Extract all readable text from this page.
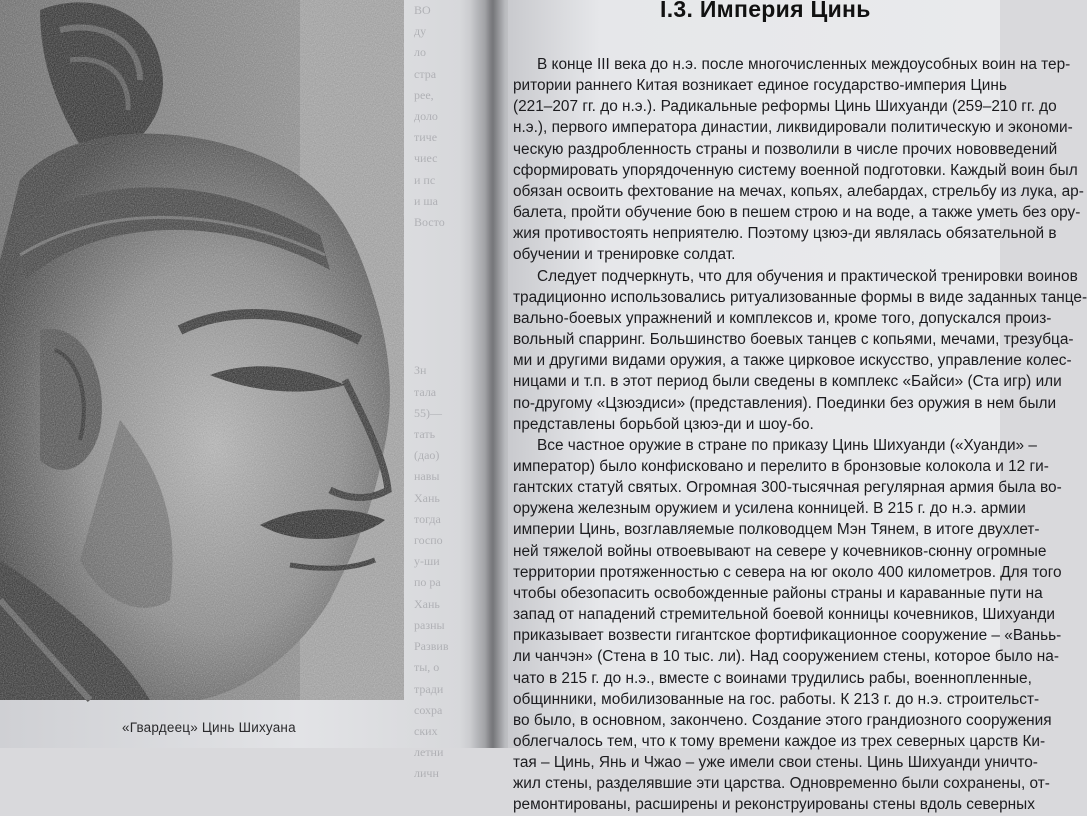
«Гвардеец» Цинь Шихуана
ВО
ду
ло
стра
рее,
доло
тиче
чиес
и пс
и ша
Восто

Зн
тала
55)—
тать
(дао)
навы
Хань
тогда
госпо
у-ши
по ра
Хань
разны
Развив
ты, о
тради
сохра
ских
летни
личн
I.3. Империя Цинь
В конце III века до н.э. после многочисленных междоусобных воин на тер-
ритории раннего Китая возникает единое государство-империя Цинь
(221–207 гг. до н.э.). Радикальные реформы Цинь Шихуанди (259–210 гг. до
н.э.), первого императора династии, ликвидировали политическую и экономи-
ческую раздробленность страны и позволили в числе прочих нововведений
сформировать упорядоченную систему военной подготовки. Каждый воин был
обязан освоить фехтование на мечах, копьях, алебардах, стрельбу из лука, ар-
балета, пройти обучение бою в пешем строю и на воде, а также уметь без ору-
жия противостоять неприятелю. Поэтому цзюэ-ди являлась обязательной в
обучении и тренировке солдат.
Следует подчеркнуть, что для обучения и практической тренировки воинов
традиционно использовались ритуализованные формы в виде заданных танце-
вально-боевых упражнений и комплексов и, кроме того, допускался произ-
вольный спарринг. Большинство боевых танцев с копьями, мечами, трезубца-
ми и другими видами оружия, а также цирковое искусство, управление колес-
ницами и т.п. в этот период были сведены в комплекс «Байси» (Ста игр) или
по-другому «Цзюэдиси» (представления). Поединки без оружия в нем были
представлены борьбой цзюэ-ди и шоу-бо.
Все частное оружие в стране по приказу Цинь Шихуанди («Хуанди» –
император) было конфисковано и перелито в бронзовые колокола и 12 ги-
гантских статуй святых. Огромная 300-тысячная регулярная армия была во-
оружена железным оружием и усилена конницей. В 215 г. до н.э. армии
империи Цинь, возглавляемые полководцем Мэн Тянем, в итоге двухлет-
ней тяжелой войны отвоевывают на севере у кочевников-сюнну огромные
территории протяженностью с севера на юг около 400 километров. Для того
чтобы обезопасить освобожденные районы страны и караванные пути на
запад от нападений стремительной боевой конницы кочевников, Шихуанди
приказывает возвести гигантское фортификационное сооружение – «Ваньь-
ли чанчэн» (Стена в 10 тыс. ли). Над сооружением стены, которое было на-
чато в 215 г. до н.э., вместе с воинами трудились рабы, военнопленные,
общинники, мобилизованные на гос. работы. К 213 г. до н.э. строительст-
во было, в основном, закончено. Создание этого грандиозного сооружения
облегчалось тем, что к тому времени каждое из трех северных царств Ки-
тая – Цинь, Янь и Чжао – уже имели свои стены. Цинь Шихуанди уничто-
жил стены, разделявшие эти царства. Одновременно были сохранены, от-
ремонтированы, расширены и реконструированы стены вдоль северных
